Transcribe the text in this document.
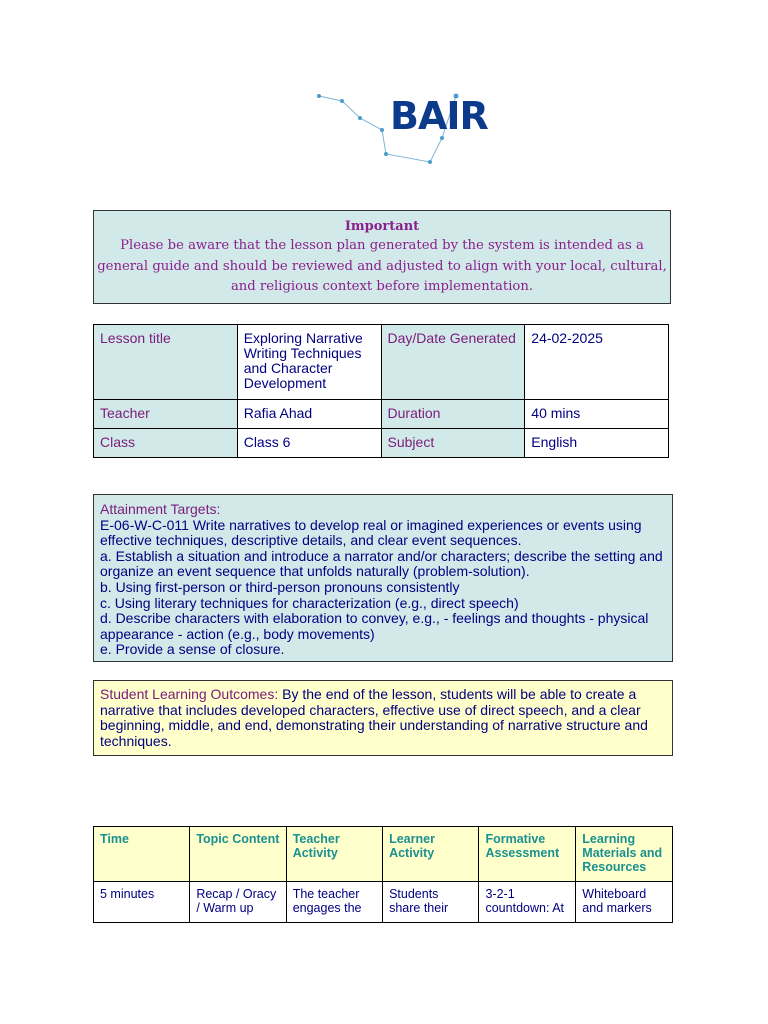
BAIR
Important
Please be aware that the lesson plan generated by the system is intended as a general guide and should be reviewed and adjusted to align with your local, cultural, and religious context before implementation.
Lesson title	Exploring Narrative Writing Techniques and Character Development	Day/Date Generated	24-02-2025
Teacher	Rafia Ahad	Duration	40 mins
Class	Class 6	Subject	English
Attainment Targets:
E-06-W-C-011 Write narratives to develop real or imagined experiences or events using effective techniques, descriptive details, and clear event sequences.
a. Establish a situation and introduce a narrator and/or characters; describe the setting and organize an event sequence that unfolds naturally (problem-solution).
b. Using first-person or third-person pronouns consistently
c. Using literary techniques for characterization (e.g., direct speech)
d. Describe characters with elaboration to convey, e.g., - feelings and thoughts - physical appearance - action (e.g., body movements)
e. Provide a sense of closure.
Student Learning Outcomes: By the end of the lesson, students will be able to create a narrative that includes developed characters, effective use of direct speech, and a clear beginning, middle, and end, demonstrating their understanding of narrative structure and techniques.
Time	Topic Content	Teacher Activity	Learner Activity	Formative Assessment	Learning Materials and Resources
5 minutes	Recap / Oracy / Warm up	The teacher engages the	Students share their	3-2-1 countdown: At	Whiteboard and markers
